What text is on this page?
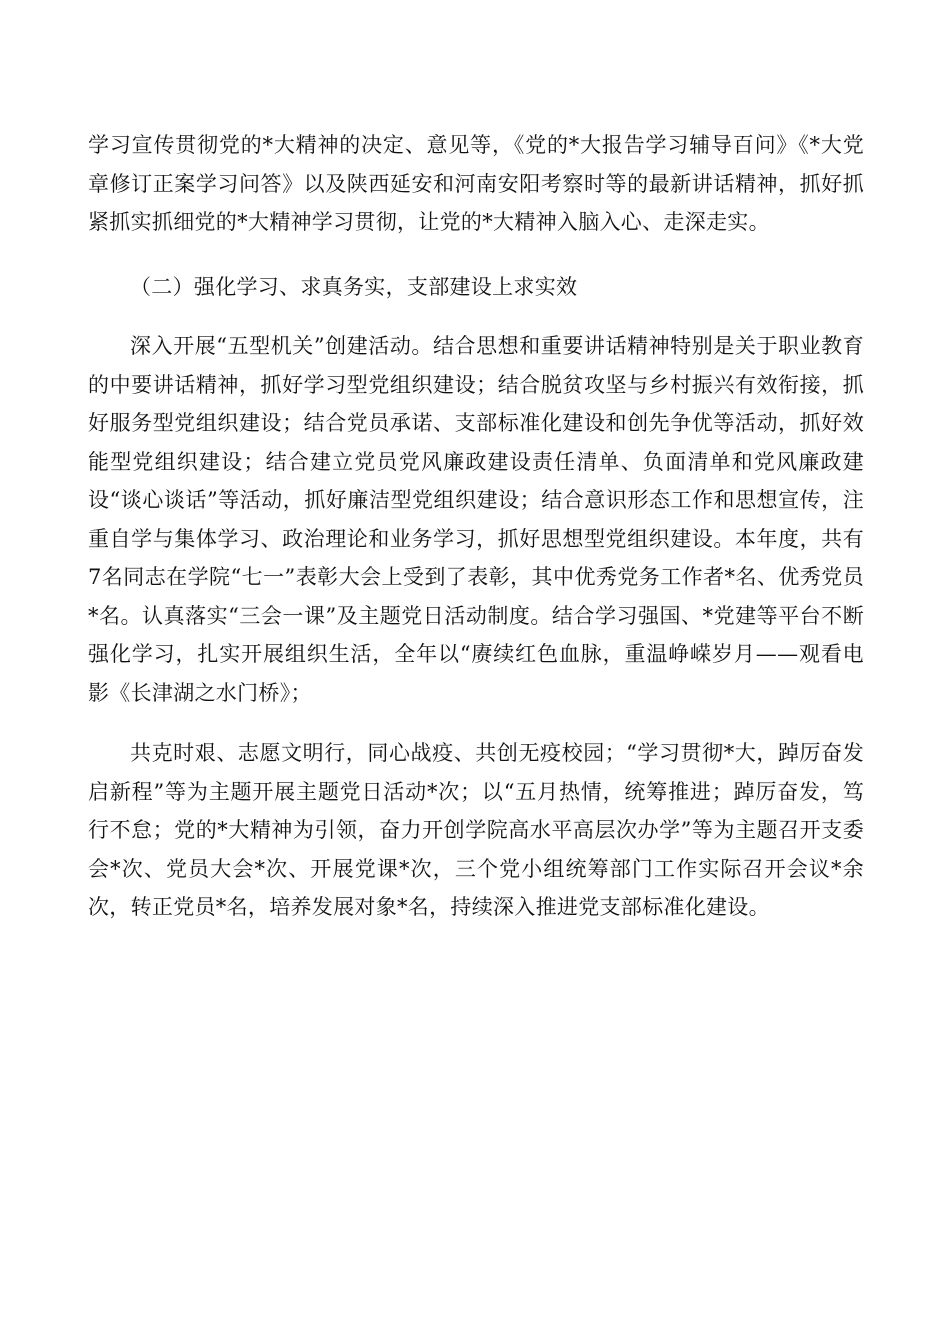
学习宣传贯彻党的*大精神的决定、意见等，《党的*大报告学习辅导百问》《*大党章修订正案学习问答》以及陕西延安和河南安阳考察时等的最新讲话精神，抓好抓紧抓实抓细党的*大精神学习贯彻，让党的*大精神入脑入心、走深走实。

（二）强化学习、求真务实，支部建设上求实效

深入开展“五型机关”创建活动。结合思想和重要讲话精神特别是关于职业教育的中要讲话精神，抓好学习型党组织建设；结合脱贫攻坚与乡村振兴有效衔接，抓好服务型党组织建设；结合党员承诺、支部标准化建设和创先争优等活动，抓好效能型党组织建设；结合建立党员党风廉政建设责任清单、负面清单和党风廉政建设“谈心谈话”等活动，抓好廉洁型党组织建设；结合意识形态工作和思想宣传，注重自学与集体学习、政治理论和业务学习，抓好思想型党组织建设。本年度，共有7名同志在学院“七一”表彰大会上受到了表彰，其中优秀党务工作者*名、优秀党员*名。认真落实“三会一课”及主题党日活动制度。结合学习强国、*党建等平台不断强化学习，扎实开展组织生活，全年以“赓续红色血脉，重温峥嵘岁月——观看电影《长津湖之水门桥》；

共克时艰、志愿文明行，同心战疫、共创无疫校园；“学习贯彻*大，踔厉奋发启新程”等为主题开展主题党日活动*次；以“五月热情，统筹推进；踔厉奋发，笃行不怠；党的*大精神为引领，奋力开创学院高水平高层次办学”等为主题召开支委会*次、党员大会*次、开展党课*次，三个党小组统筹部门工作实际召开会议*余次，转正党员*名，培养发展对象*名，持续深入推进党支部标准化建设。
